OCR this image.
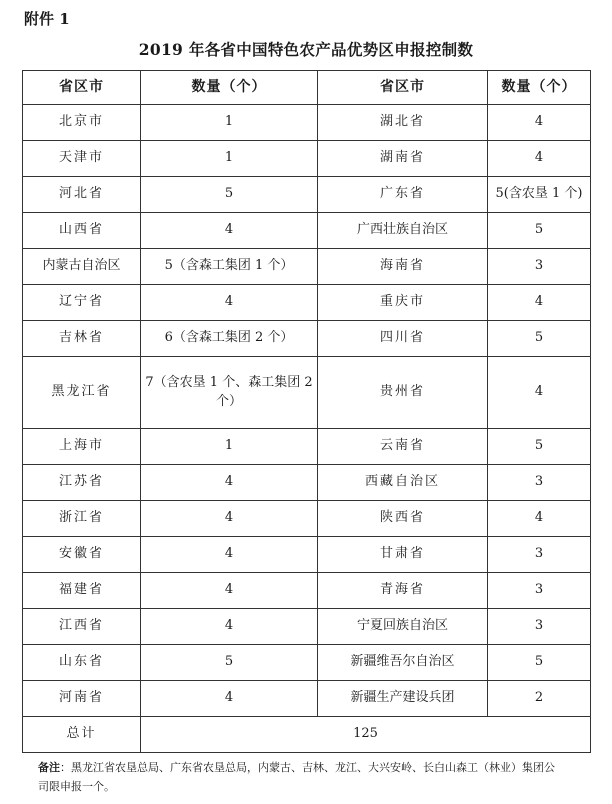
附件 1
2019 年各省中国特色农产品优势区申报控制数
省区市	数量（个）	省区市	数量（个）
北京市	1	湖北省	4
天津市	1	湖南省	4
河北省	5	广东省	5(含农垦 1 个)
山西省	4	广西壮族自治区	5
内蒙古自治区	5（含森工集团 1 个）	海南省	3
辽宁省	4	重庆市	4
吉林省	6（含森工集团 2 个）	四川省	5
黑龙江省	7（含农垦 1 个、森工集团 2 个）	贵州省	4
上海市	1	云南省	5
江苏省	4	西藏自治区	3
浙江省	4	陕西省	4
安徽省	4	甘肃省	3
福建省	4	青海省	3
江西省	4	宁夏回族自治区	3
山东省	5	新疆维吾尔自治区	5
河南省	4	新疆生产建设兵团	2
总计	125		
备注：黑龙江省农垦总局、广东省农垦总局，内蒙古、吉林、龙江、大兴安岭、长白山森工（林业）集团公司限申报一个。
